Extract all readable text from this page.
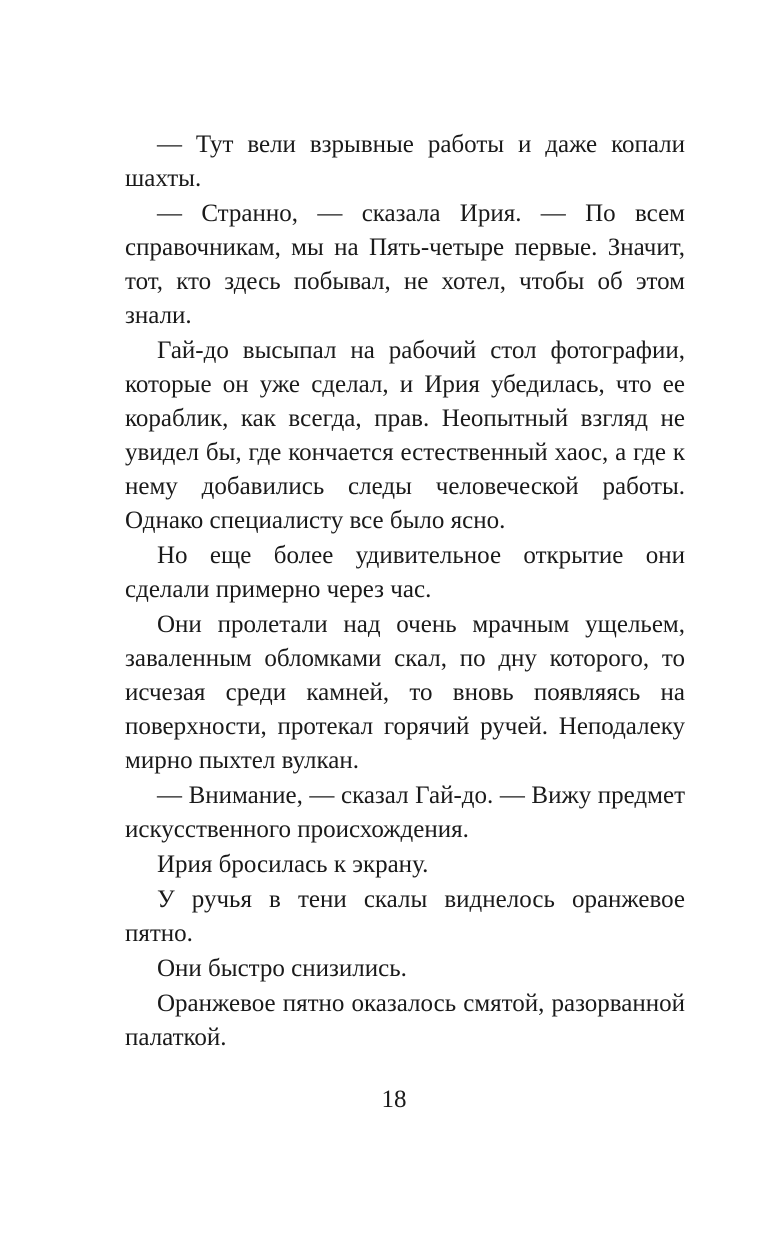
— Тут вели взрывные работы и даже копали шахты.

— Странно, — сказала Ирия. — По всем справочникам, мы на Пять-четыре первые. Значит, тот, кто здесь побывал, не хотел, чтобы об этом знали.

Гай-до высыпал на рабочий стол фотографии, которые он уже сделал, и Ирия убедилась, что ее кораблик, как всегда, прав. Неопытный взгляд не увидел бы, где кончается естественный хаос, а где к нему добавились следы человеческой работы. Однако специалисту все было ясно.

Но еще более удивительное открытие они сделали примерно через час.

Они пролетали над очень мрачным ущельем, заваленным обломками скал, по дну которого, то исчезая среди камней, то вновь появляясь на поверхности, протекал горячий ручей. Неподалеку мирно пыхтел вулкан.

— Внимание, — сказал Гай-до. — Вижу предмет искусственного происхождения.

Ирия бросилась к экрану.

У ручья в тени скалы виднелось оранжевое пятно.

Они быстро снизились.

Оранжевое пятно оказалось смятой, разорванной палаткой.

18
